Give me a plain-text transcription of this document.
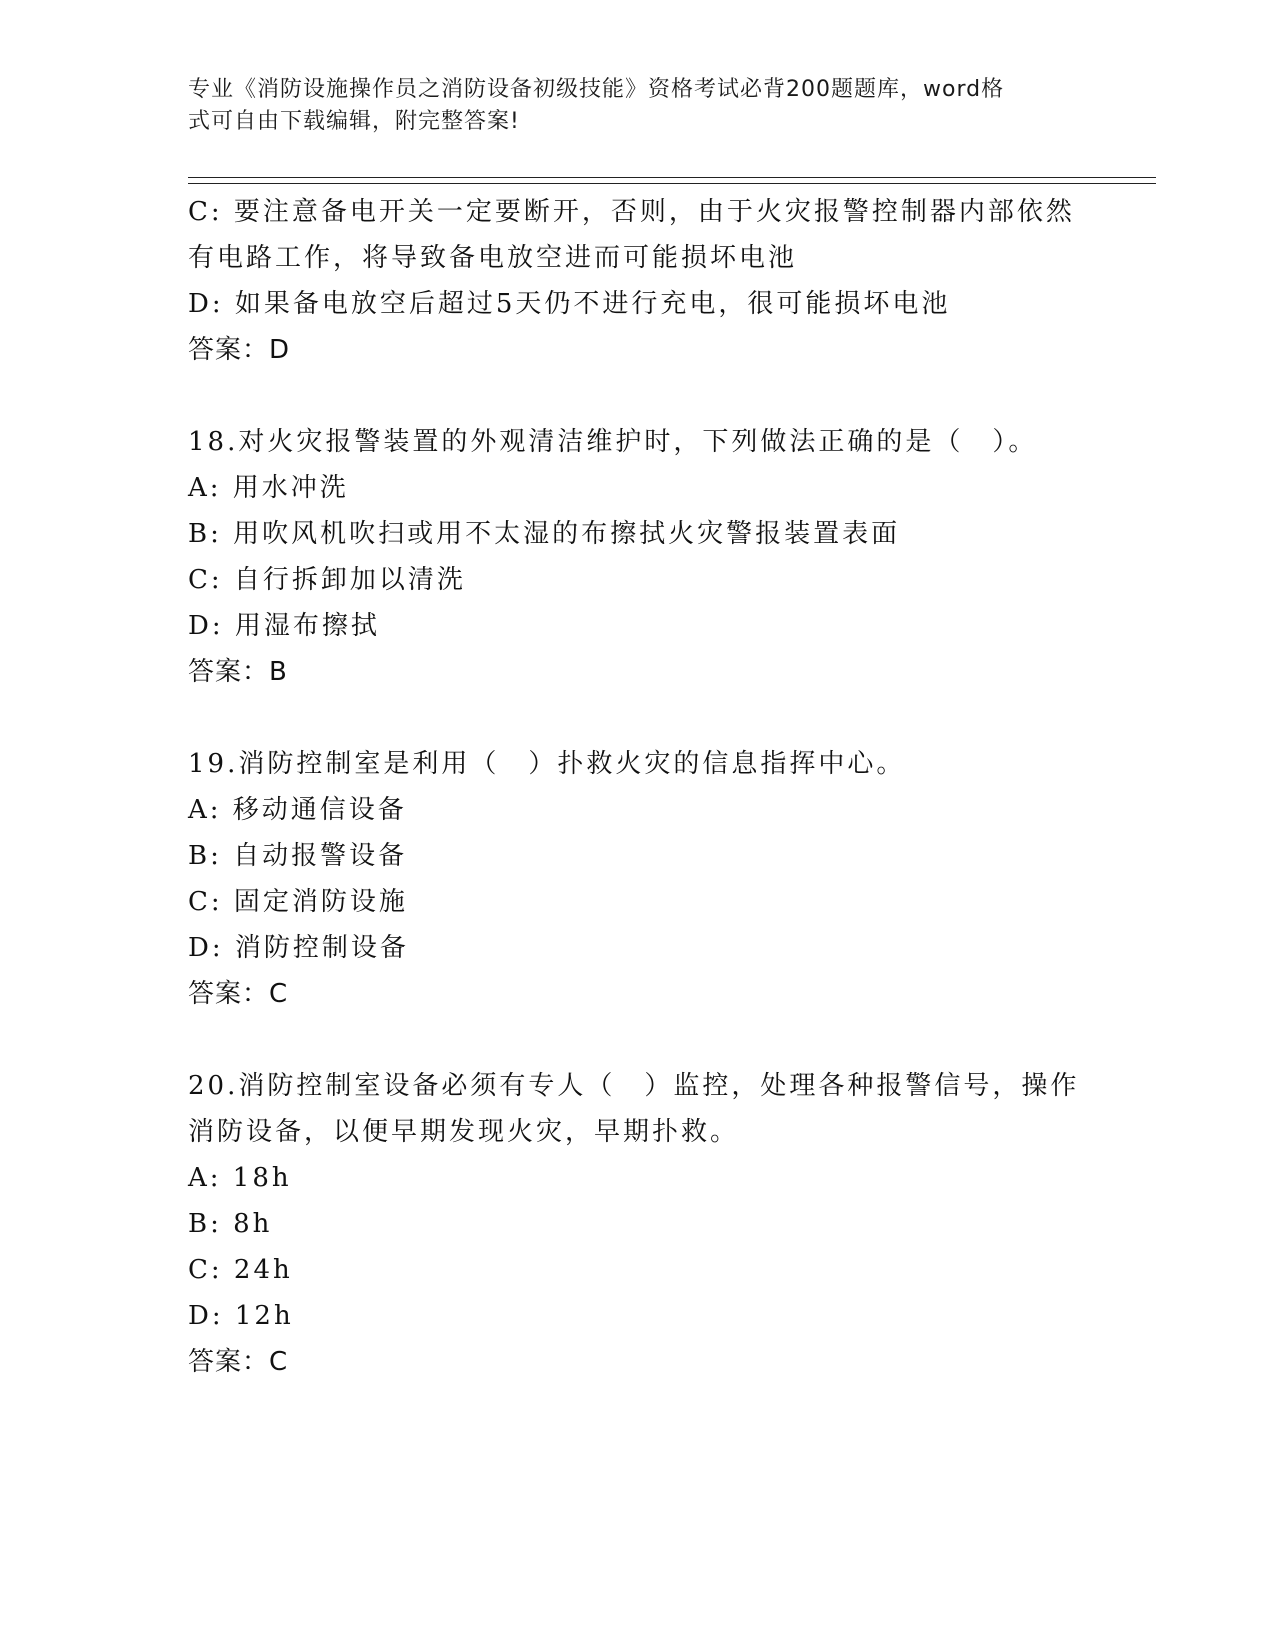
专业《消防设施操作员之消防设备初级技能》资格考试必背200题题库，word格
式可自由下载编辑，附完整答案!
C: 要注意备电开关一定要断开，否则，由于火灾报警控制器内部依然
有电路工作，将导致备电放空进而可能损坏电池
D: 如果备电放空后超过5天仍不进行充电，很可能损坏电池
答案：D
18.对火灾报警装置的外观清洁维护时，下列做法正确的是（　）。
A: 用水冲洗
B: 用吹风机吹扫或用不太湿的布擦拭火灾警报装置表面
C: 自行拆卸加以清洗
D: 用湿布擦拭
答案：B
19.消防控制室是利用（　）扑救火灾的信息指挥中心。
A: 移动通信设备
B: 自动报警设备
C: 固定消防设施
D: 消防控制设备
答案：C
20.消防控制室设备必须有专人（　）监控，处理各种报警信号，操作
消防设备，以便早期发现火灾，早期扑救。
A: 18h
B: 8h
C: 24h
D: 12h
答案：C
